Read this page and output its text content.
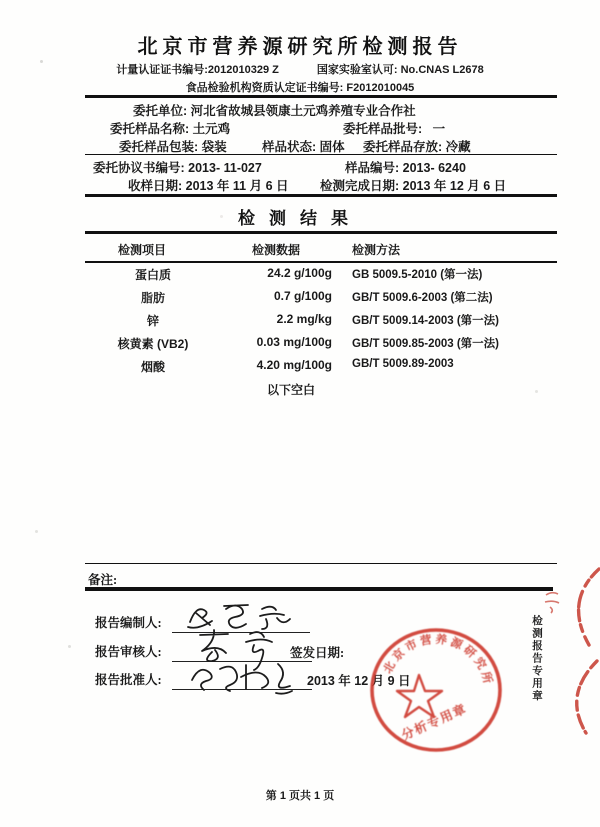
北京市营养源研究所检测报告
计量认证证书编号:2012010329 Z	国家实验室认可: No.CNAS L2678
食品检验机构资质认定证书编号: F2012010045
委托单位: 河北省故城县领康土元鸡养殖专业合作社
委托样品名称: 土元鸡	委托样品批号: 一
委托样品包装: 袋装	样品状态: 固体 委托样品存放: 冷藏
委托协议书编号: 2013- 11-027	样品编号: 2013- 6240
收样日期: 2013 年 11 月 6 日	检测完成日期: 2013 年 12 月 6 日
检测结果
检测项目	检测数据	检测方法
蛋白质	24.2 g/100g GB 5009.5-2010 (第一法)
脂肪	0.7 g/100g GB/T 5009.6-2003 (第二法)
锌	2.2 mg/kg GB/T 5009.14-2003 (第一法)
核黄素 (VB2)	0.03 mg/100g GB/T 5009.85-2003 (第一法)
烟酸	4.20 mg/100g GB/T 5009.89-2003
以下空白
备注:
报告编制人:
报告审核人:
报告批准人:
签发日期:
2013 年 12 月 9 日	检测报告专用章
北京市营养源研究所
分析专用章
第 1 页共 1 页
